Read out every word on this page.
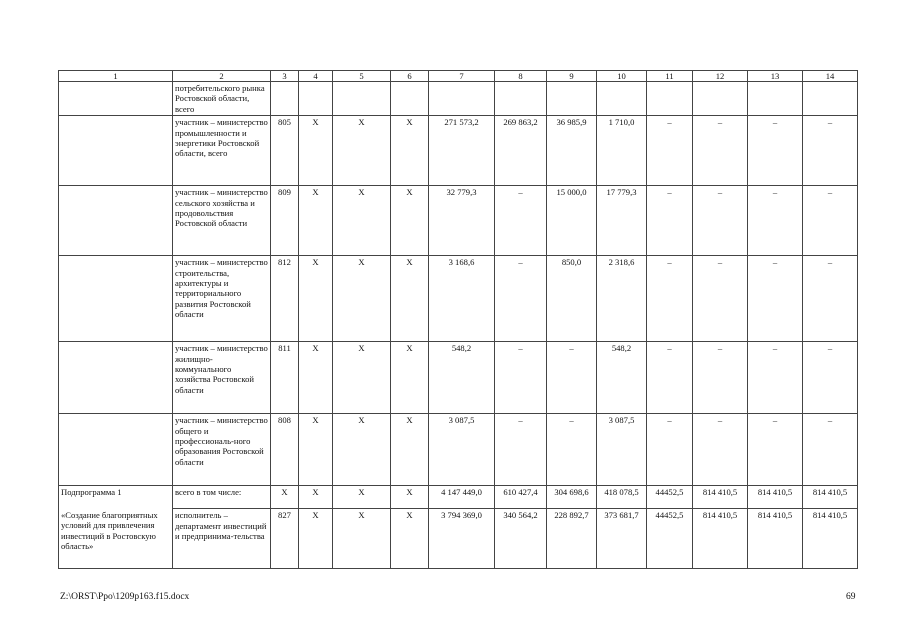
1	2	3	4	5	6	7	8	9	10	11	12	13	14
	потребительского рынка Ростовской области, всего												
	участник – министерство промышленности и энергетики Ростовской области, всего	805	Х	Х	Х	271 573,2	269 863,2	36 985,9	1 710,0	–	–	–	–
	участник – министерство сельского хозяйства и продовольствия Ростовской области	809	Х	Х	Х	32 779,3	–	15 000,0	17 779,3	–	–	–	–
	участник – министерство строительства, архитектуры и территориального развития Ростовской области	812	Х	Х	Х	3 168,6	–	850,0	2 318,6	–	–	–	–
	участник – министерство жилищно-коммунального хозяйства Ростовской области	811	Х	Х	Х	548,2	–	–	548,2	–	–	–	–
	участник – министерство общего и профессиональ-ного образования Ростовской области	808	Х	Х	Х	3 087,5	–	–	3 087,5	–	–	–	–
Подпрограмма 1	всего в том числе:	Х	Х	Х	Х	4 147 449,0	610 427,4	304 698,6	418 078,5	44452,5	814 410,5	814 410,5	814 410,5
«Создание благоприятных условий для привлечения инвестиций в Ростовскую область»	исполнитель – департамент инвестиций и предпринима-тельства	827	Х	Х	Х	3 794 369,0	340 564,2	228 892,7	373 681,7	44452,5	814 410,5	814 410,5	814 410,5
Z:\ORST\Ppo\1209p163.f15.docx	69
